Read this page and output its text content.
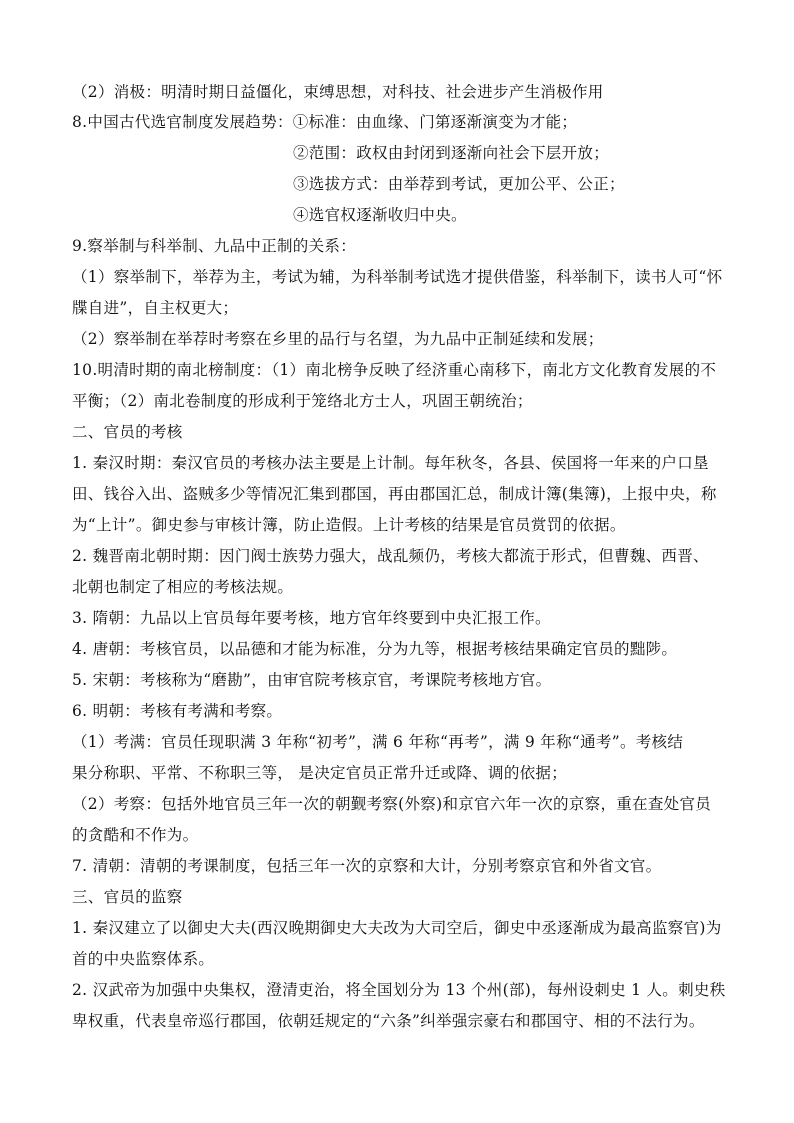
（2）消极：明清时期日益僵化，束缚思想，对科技、社会进步产生消极作用
8.中国古代选官制度发展趋势：①标准：由血缘、门第逐渐演变为才能；
②范围：政权由封闭到逐渐向社会下层开放；
③选拔方式：由举荐到考试，更加公平、公正；
④选官权逐渐收归中央。
9.察举制与科举制、九品中正制的关系：
（1）察举制下，举荐为主，考试为辅，为科举制考试选才提供借鉴，科举制下，读书人可“怀
牒自进”，自主权更大；
（2）察举制在举荐时考察在乡里的品行与名望，为九品中正制延续和发展；
10.明清时期的南北榜制度：（1）南北榜争反映了经济重心南移下，南北方文化教育发展的不
平衡；（2）南北卷制度的形成利于笼络北方士人，巩固王朝统治；
二、官员的考核
1. 秦汉时期：秦汉官员的考核办法主要是上计制。每年秋冬，各县、侯国将一年来的户口垦
田、钱谷入出、盗贼多少等情况汇集到郡国，再由郡国汇总，制成计簿(集簿)，上报中央，称
为“上计”。御史参与审核计簿，防止造假。上计考核的结果是官员赏罚的依据。
2. 魏晋南北朝时期：因门阀士族势力强大，战乱频仍，考核大都流于形式，但曹魏、西晋、
北朝也制定了相应的考核法规。
3. 隋朝：九品以上官员每年要考核，地方官年终要到中央汇报工作。
4. 唐朝：考核官员，以品德和才能为标准，分为九等，根据考核结果确定官员的黜陟。
5. 宋朝：考核称为“磨勘”，由审官院考核京官，考课院考核地方官。
6. 明朝：考核有考满和考察。
（1）考满：官员任现职满 3 年称“初考”，满 6 年称“再考”，满 9 年称“通考”。考核结
果分称职、平常、不称职三等， 是决定官员正常升迁或降、调的依据；
（2）考察：包括外地官员三年一次的朝觐考察(外察)和京官六年一次的京察，重在查处官员
的贪酷和不作为。
7. 清朝：清朝的考课制度，包括三年一次的京察和大计，分别考察京官和外省文官。
三、官员的监察
1. 秦汉建立了以御史大夫(西汉晚期御史大夫改为大司空后，御史中丞逐渐成为最高监察官)为
首的中央监察体系。
2. 汉武帝为加强中央集权，澄清吏治，将全国划分为 13 个州(部)，每州设刺史 1 人。刺史秩
卑权重，代表皇帝巡行郡国，依朝廷规定的“六条”纠举强宗豪右和郡国守、相的不法行为。
